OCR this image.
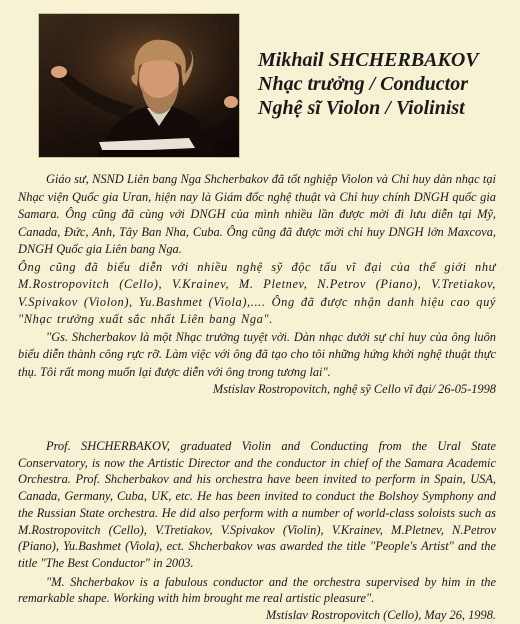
Mikhail SHCHERBAKOV
Nhạc trưởng / Conductor
Nghệ sĩ Violon / Violinist

Giáo sư, NSND Liên bang Nga Shcherbakov đã tốt nghiệp Violon và Chỉ huy dàn nhạc tại Nhạc viện Quốc gia Uran, hiện nay là Giám đốc nghệ thuật và Chỉ huy chính DNGH quốc gia Samara. Ông cũng đã cùng với DNGH của mình nhiều lần được mời đi lưu diễn tại Mỹ, Canada, Đức, Anh, Tây Ban Nha, Cuba. Ông cũng đã được mời chỉ huy DNGH lớn Maxcova, DNGH Quốc gia Liên bang Nga.

Ông cũng đã biểu diễn với nhiều nghệ sỹ độc tấu vĩ đại của thế giới như M.Rostropovitch (Cello), V.Krainev, M. Pletnev, N.Petrov (Piano), V.Tretiakov, V.Spivakov (Violon), Yu.Bashmet (Viola),.... Ông đã được nhận danh hiệu cao quý "Nhạc trưởng xuất sắc nhất Liên bang Nga".

"Gs. Shcherbakov là một Nhạc trưởng tuyệt vời. Dàn nhạc dưới sự chỉ huy của ông luôn biểu diễn thành công rực rỡ. Làm việc với ông đã tạo cho tôi những hứng khởi nghệ thuật thực thụ. Tôi rất mong muốn lại được diễn với ông trong tương lai".

Mstislav Rostropovitch, nghệ sỹ Cello vĩ đại/ 26-05-1998

Prof. SHCHERBAKOV, graduated Violin and Conducting from the Ural State Conservatory, is now the Artistic Director and the conductor in chief of the Samara Academic Orchestra. Prof. Shcherbakov and his orchestra have been invited to perform in Spain, USA, Canada, Germany, Cuba, UK, etc. He has been invited to conduct the Bolshoy Symphony and the Russian State orchestra. He did also perform with a number of world-class soloists such as M.Rostropovitch (Cello), V.Tretiakov, V.Spivakov (Violin), V.Krainev, M.Pletnev, N.Petrov (Piano), Yu.Bashmet (Viola), ect. Shcherbakov was awarded the title "People's Artist" and the title "The Best Conductor" in 2003.

"M. Shcherbakov is a fabulous conductor and the orchestra supervised by him in the remarkable shape. Working with him brought me real artistic pleasure".

Mstislav Rostropovitch (Cello), May 26, 1998.
